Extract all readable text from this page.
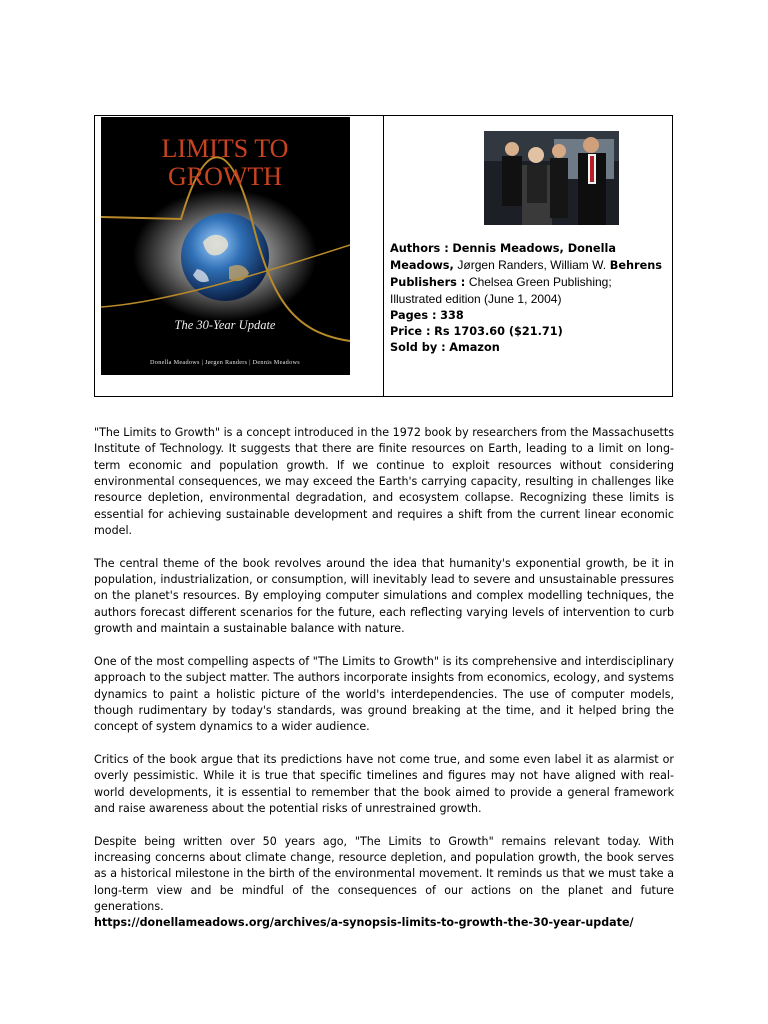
LIMITS TO
GROWTH
The 30-Year Update
Donella Meadows | Jørgen Randers | Dennis Meadows

Authors : Dennis Meadows, Donella Meadows, Jørgen Randers, William W. Behrens

Publishers : Chelsea Green Publishing; Illustrated edition (June 1, 2004)

Pages : 338

Price : Rs 1703.60 ($21.71)

Sold by : Amazon

"The Limits to Growth" is a concept introduced in the 1972 book by researchers from the Massachusetts Institute of Technology. It suggests that there are finite resources on Earth, leading to a limit on long-term economic and population growth. If we continue to exploit resources without considering environmental consequences, we may exceed the Earth's carrying capacity, resulting in challenges like resource depletion, environmental degradation, and ecosystem collapse. Recognizing these limits is essential for achieving sustainable development and requires a shift from the current linear economic model.

The central theme of the book revolves around the idea that humanity's exponential growth, be it in population, industrialization, or consumption, will inevitably lead to severe and unsustainable pressures on the planet's resources. By employing computer simulations and complex modelling techniques, the authors forecast different scenarios for the future, each reflecting varying levels of intervention to curb growth and maintain a sustainable balance with nature.

One of the most compelling aspects of "The Limits to Growth" is its comprehensive and interdisciplinary approach to the subject matter. The authors incorporate insights from economics, ecology, and systems dynamics to paint a holistic picture of the world's interdependencies. The use of computer models, though rudimentary by today's standards, was ground breaking at the time, and it helped bring the concept of system dynamics to a wider audience.

Critics of the book argue that its predictions have not come true, and some even label it as alarmist or overly pessimistic. While it is true that specific timelines and figures may not have aligned with real-world developments, it is essential to remember that the book aimed to provide a general framework and raise awareness about the potential risks of unrestrained growth.

Despite being written over 50 years ago, "The Limits to Growth" remains relevant today. With increasing concerns about climate change, resource depletion, and population growth, the book serves as a historical milestone in the birth of the environmental movement. It reminds us that we must take a long-term view and be mindful of the consequences of our actions on the planet and future generations.

https://donellameadows.org/archives/a-synopsis-limits-to-growth-the-30-year-update/
